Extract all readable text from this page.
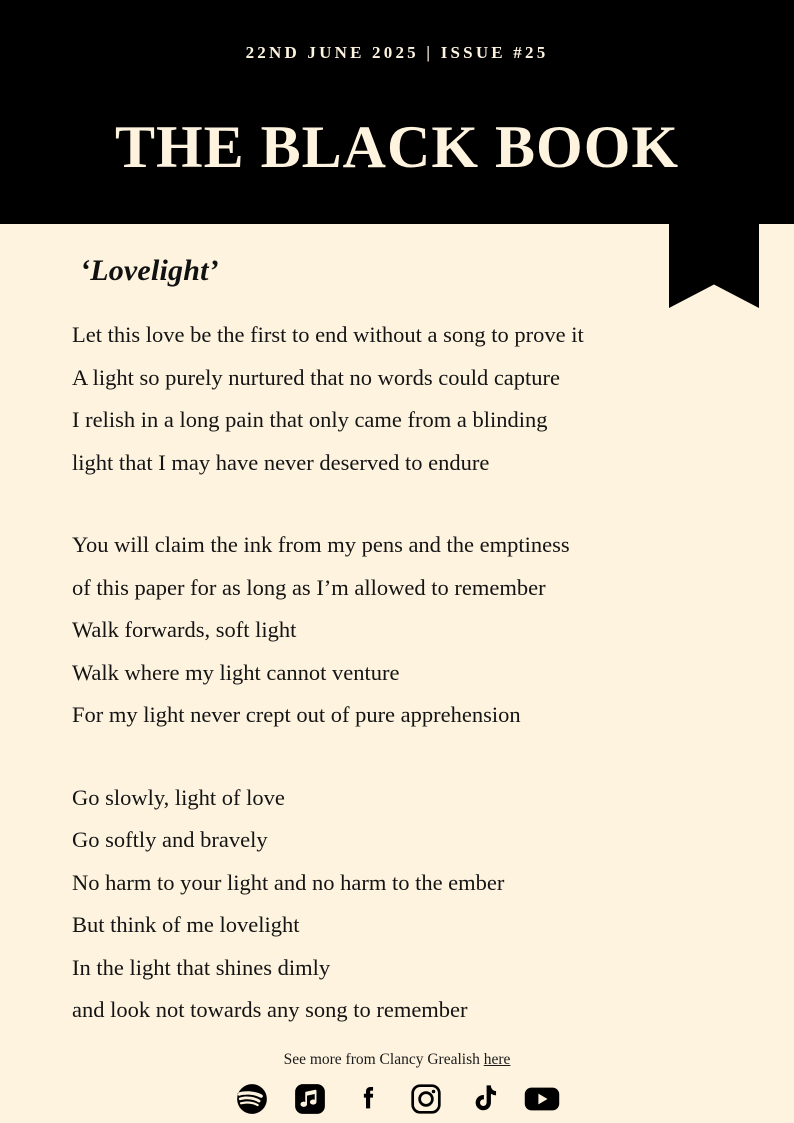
22ND JUNE 2025 | ISSUE #25
THE BLACK BOOK
‘Lovelight’
Let this love be the first to end without a song to prove it
A light so purely nurtured that no words could capture
I relish in a long pain that only came from a blinding
light that I may have never deserved to endure
You will claim the ink from my pens and the emptiness
of this paper for as long as I’m allowed to remember
Walk forwards, soft light
Walk where my light cannot venture
For my light never crept out of pure apprehension
Go slowly, light of love
Go softly and bravely
No harm to your light and no harm to the ember
But think of me lovelight
In the light that shines dimly
and look not towards any song to remember
See more from Clancy Grealish here
